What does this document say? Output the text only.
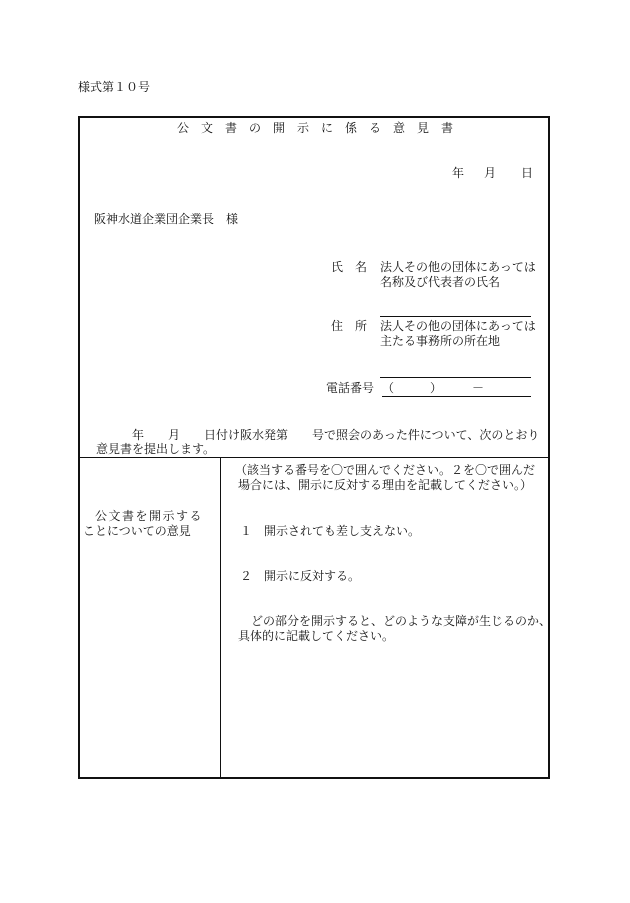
様式第１０号
公　文　書　の　開　示　に　係　る　意　見　書
年 月 日
阪神水道企業団企業長　様
氏　名 法人その他の団体にあっては
名称及び代表者の氏名
住　所 法人その他の団体にあっては
主たる事務所の所在地
電話番号 （　　　）　　　－
年　　月　　日付け阪水発第　　号で照会のあった件について、次のとおり
意見書を提出します。
公文書を開示する
ことについての意見
（該当する番号を〇で囲んでください。２を〇で囲んだ
場合には、開示に反対する理由を記載してください。）
１　開示されても差し支えない。
２　開示に反対する。
どの部分を開示すると、どのような支障が生じるのか、
具体的に記載してください。
